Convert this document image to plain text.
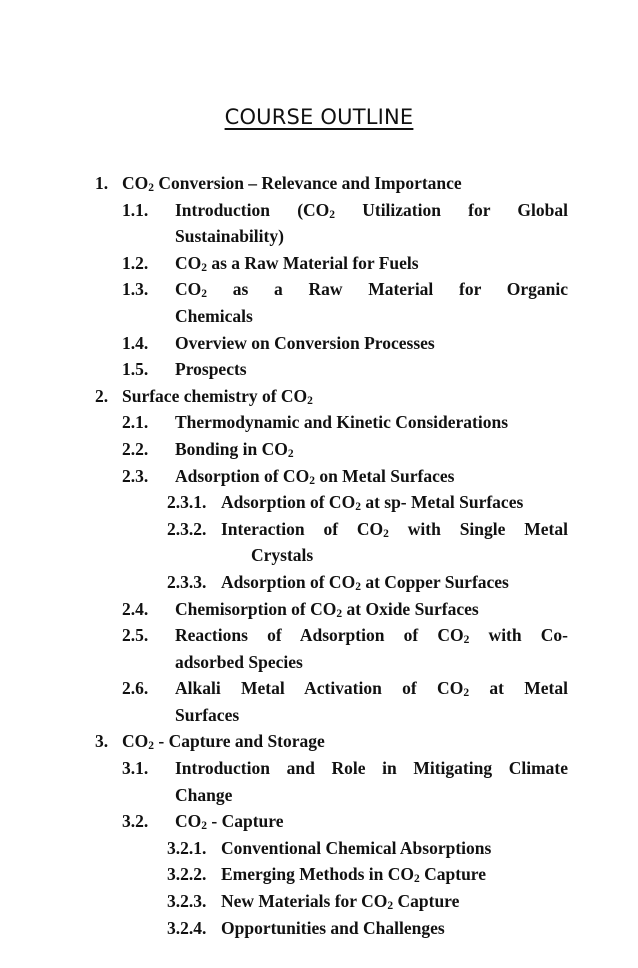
COURSE OUTLINE
1. $CO_2$ Conversion – Relevance and Importance
1.1. Introduction ($CO_2$ Utilization for Global
Sustainability)
1.2. $CO_2$ as a Raw Material for Fuels
1.3. $CO_2$ as a Raw Material for Organic
Chemicals
1.4. Overview on Conversion Processes
1.5. Prospects
2. Surface chemistry of $CO_2$
2.1. Thermodynamic and Kinetic Considerations
2.2. Bonding in $CO_2$
2.3. Adsorption of $CO_2$ on Metal Surfaces
2.3.1. Adsorption of $CO_2$ at sp- Metal Surfaces
2.3.2. Interaction of $CO_2$ with Single Metal
Crystals
2.3.3. Adsorption of $CO_2$ at Copper Surfaces
2.4. Chemisorption of $CO_2$ at Oxide Surfaces
2.5. Reactions of Adsorption of $CO_2$ with Co-
adsorbed Species
2.6. Alkali Metal Activation of $CO_2$ at Metal
Surfaces
3. $CO_2$ - Capture and Storage
3.1. Introduction and Role in Mitigating Climate
Change
3.2. $CO_2$ - Capture
3.2.1. Conventional Chemical Absorptions
3.2.2. Emerging Methods in $CO_2$ Capture
3.2.3. New Materials for $CO_2$ Capture
3.2.4. Opportunities and Challenges
